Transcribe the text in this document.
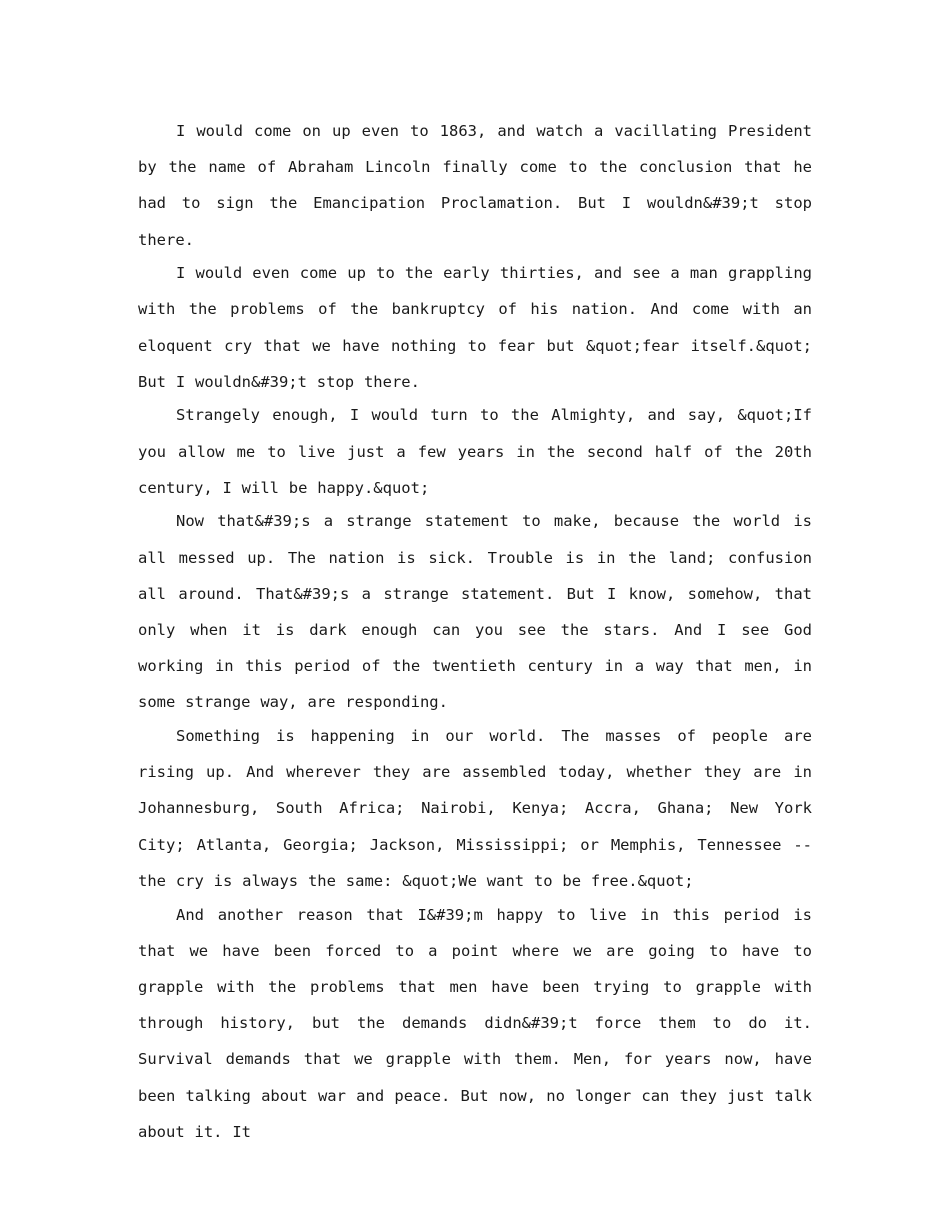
I would come on up even to 1863, and watch a vacillating President by the name of Abraham Lincoln finally come to the conclusion that he had to sign the Emancipation Proclamation. But I wouldn&#39;t stop there.

I would even come up to the early thirties, and see a man grappling with the problems of the bankruptcy of his nation. And come with an eloquent cry that we have nothing to fear but &quot;fear itself.&quot; But I wouldn&#39;t stop there.

Strangely enough, I would turn to the Almighty, and say, &quot;If you allow me to live just a few years in the second half of the 20th century, I will be happy.&quot;

Now that&#39;s a strange statement to make, because the world is all messed up. The nation is sick. Trouble is in the land; confusion all around. That&#39;s a strange statement. But I know, somehow, that only when it is dark enough can you see the stars. And I see God working in this period of the twentieth century in a way that men, in some strange way, are responding.

Something is happening in our world. The masses of people are rising up. And wherever they are assembled today, whether they are in Johannesburg, South Africa; Nairobi, Kenya; Accra, Ghana; New York City; Atlanta, Georgia; Jackson, Mississippi; or Memphis, Tennessee -- the cry is always the same: &quot;We want to be free.&quot;

And another reason that I&#39;m happy to live in this period is that we have been forced to a point where we are going to have to grapple with the problems that men have been trying to grapple with through history, but the demands didn&#39;t force them to do it. Survival demands that we grapple with them. Men, for years now, have been talking about war and peace. But now, no longer can they just talk about it. It
